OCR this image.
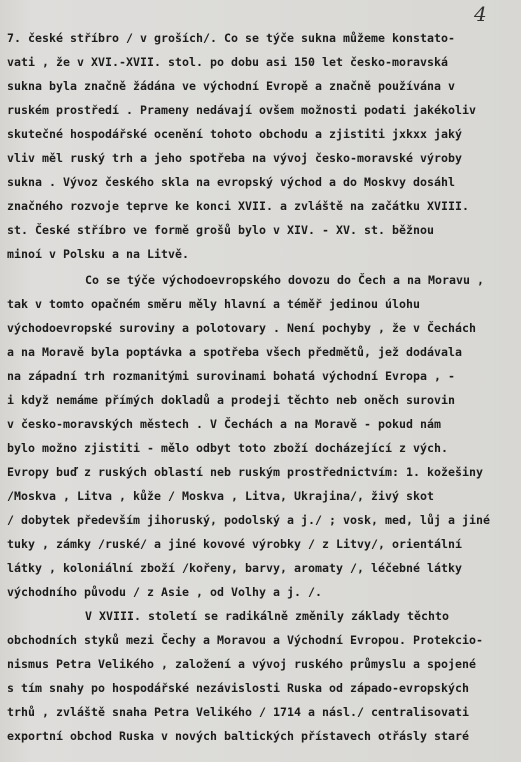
4
7. české stříbro / v groších/. Co se týče sukna můžeme konstato-
vati , že v XVI.-XVII. stol. po dobu asi 150 let česko-moravská
sukna byla značně žádána ve východní Evropě a značně používána v
ruském prostředí . Prameny nedávají ovšem možnosti podati jakékoliv
skutečné hospodářské ocenění tohoto obchodu a zjistiti jxkxx jaký
vliv měl ruský trh a jeho spotřeba na vývoj česko-moravské výroby
sukna . Vývoz českého skla na evropský východ a do Moskvy dosáhl
značného rozvoje teprve ke konci XVII. a zvláště na začátku XVIII.
st. České stříbro ve formě grošů bylo v XIV. - XV. st. běžnou
minoí v Polsku a na Litvě.
Co se týče východoevropského dovozu do Čech a na Moravu ,
tak v tomto opačném směru měly hlavní a téměř jedinou úlohu
východoevropské suroviny a polotovary . Není pochyby , že v Čechách
a na Moravě byla poptávka a spotřeba všech předmětů, jež dodávala
na západní trh rozmanitými surovinami bohatá východní Evropa , -
i když nemáme přímých dokladů a prodeji těchto neb oněch surovin
v česko-moravských městech . V Čechách a na Moravě - pokud nám
bylo možno zjistiti - mělo odbyt toto zboží docházející z vých.
Evropy buď z ruských oblastí neb ruským prostřednictvím: 1. kožešiny
/Moskva , Litva , kůže / Moskva , Litva, Ukrajina/, živý skot
/ dobytek především jihoruský, podolský a j./ ; vosk, med, lůj a jiné
tuky , zámky /ruské/ a jiné kovové výrobky / z Litvy/, orientální
látky , koloniální zboží /kořeny, barvy, aromaty /, léčebné látky
východního původu / z Asie , od Volhy a j. /.
V XVIII. století se radikálně změnily základy těchto
obchodních styků mezi Čechy a Moravou a Východní Evropou. Protekcio-
nismus Petra Velikého , založení a vývoj ruského průmyslu a spojené
s tím snahy po hospodářské nezávislosti Ruska od západo-evropských
trhů , zvláště snaha Petra Velikého / 1714 a násl./ centralisovati
exportní obchod Ruska v nových baltických přístavech otřásly staré
